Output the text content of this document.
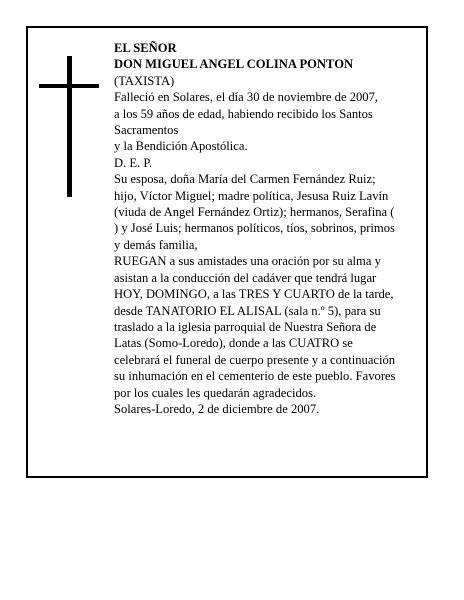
EL SEÑOR
DON MIGUEL ANGEL COLINA PONTON
(TAXISTA)
Falleció en Solares, el día 30 de noviembre de 2007,
a los 59 años de edad, habiendo recibido los Santos
Sacramentos
y la Bendición Apostólica.
D. E. P.
Su esposa, doña María del Carmen Fernández Ruiz;
hijo, Víctor Miguel; madre política, Jesusa Ruiz Lavín
(viuda de Angel Fernández Ortiz); hermanos, Serafina (
) y José Luis; hermanos políticos, tíos, sobrinos, primos
y demás familia,
RUEGAN a sus amistades una oración por su alma y
asistan a la conducción del cadáver que tendrá lugar
HOY, DOMINGO, a las TRES Y CUARTO de la tarde,
desde TANATORIO EL ALISAL (sala n.º 5), para su
traslado a la iglesia parroquial de Nuestra Señora de
Latas (Somo-Loredo), donde a las CUATRO se
celebrará el funeral de cuerpo presente y a continuación
su inhumación en el cementerio de este pueblo. Favores
por los cuales les quedarán agradecidos.
Solares-Loredo, 2 de diciembre de 2007.
